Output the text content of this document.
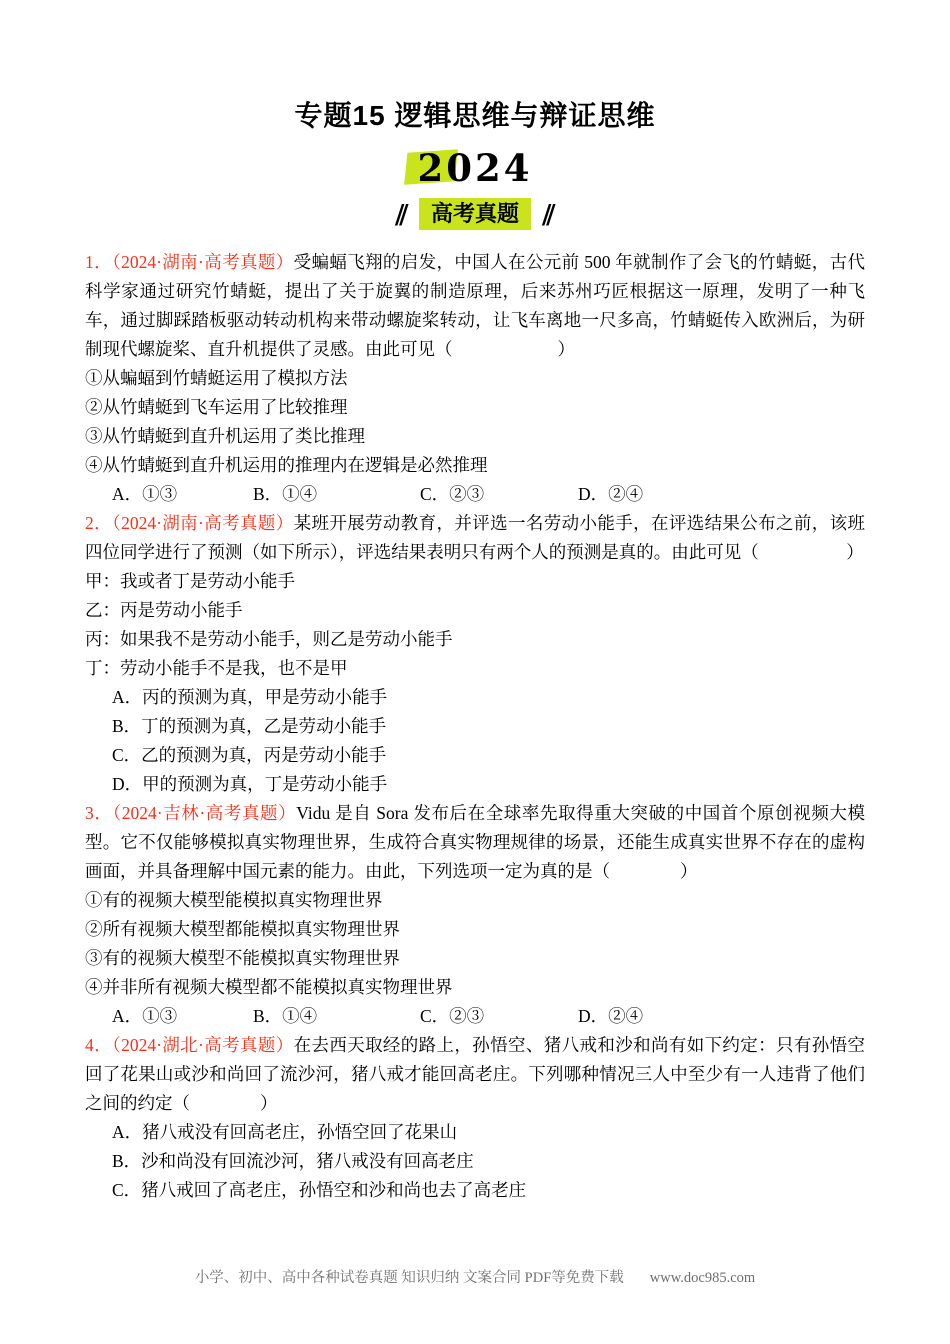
专题15 逻辑思维与辩证思维
2024
∥ 高考真题 ∥

1．（2024·湖南·高考真题）受蝙蝠飞翔的启发，中国人在公元前 500 年就制作了会飞的竹蜻蜓，古代科学家通过研究竹蜻蜓，提出了关于旋翼的制造原理，后来苏州巧匠根据这一原理，发明了一种飞车，通过脚踩踏板驱动转动机构来带动螺旋桨转动，让飞车离地一尺多高，竹蜻蜓传入欧洲后，为研制现代螺旋桨、直升机提供了灵感。由此可见（　　　　　　）

①从蝙蝠到竹蜻蜓运用了模拟方法
②从竹蜻蜓到飞车运用了比较推理
③从竹蜻蜓到直升机运用了类比推理
④从竹蜻蜓到直升机运用的推理内在逻辑是必然推理
A．①③	B．①④	C．②③	D．②④

2．（2024·湖南·高考真题）某班开展劳动教育，并评选一名劳动小能手，在评选结果公布之前，该班四位同学进行了预测（如下所示），评选结果表明只有两个人的预测是真的。由此可见（　　　　　）

甲：我或者丁是劳动小能手
乙：丙是劳动小能手
丙：如果我不是劳动小能手，则乙是劳动小能手
丁：劳动小能手不是我，也不是甲
A．丙的预测为真，甲是劳动小能手
B．丁的预测为真，乙是劳动小能手
C．乙的预测为真，丙是劳动小能手
D．甲的预测为真，丁是劳动小能手

3．（2024·吉林·高考真题）Vidu 是自 Sora 发布后在全球率先取得重大突破的中国首个原创视频大模型。它不仅能够模拟真实物理世界，生成符合真实物理规律的场景，还能生成真实世界不存在的虚构画面，并具备理解中国元素的能力。由此，下列选项一定为真的是（　　　　）

①有的视频大模型能模拟真实物理世界
②所有视频大模型都能模拟真实物理世界
③有的视频大模型不能模拟真实物理世界
④并非所有视频大模型都不能模拟真实物理世界
A．①③	B．①④	C．②③	D．②④

4．（2024·湖北·高考真题）在去西天取经的路上，孙悟空、猪八戒和沙和尚有如下约定：只有孙悟空回了花果山或沙和尚回了流沙河，猪八戒才能回高老庄。下列哪种情况三人中至少有一人违背了他们之间的约定（　　　　）

A．猪八戒没有回高老庄，孙悟空回了花果山
B．沙和尚没有回流沙河，猪八戒没有回高老庄
C．猪八戒回了高老庄，孙悟空和沙和尚也去了高老庄
小学、初中、高中各种试卷真题 知识归纳 文案合同 PDF等免费下载 www.doc985.com
